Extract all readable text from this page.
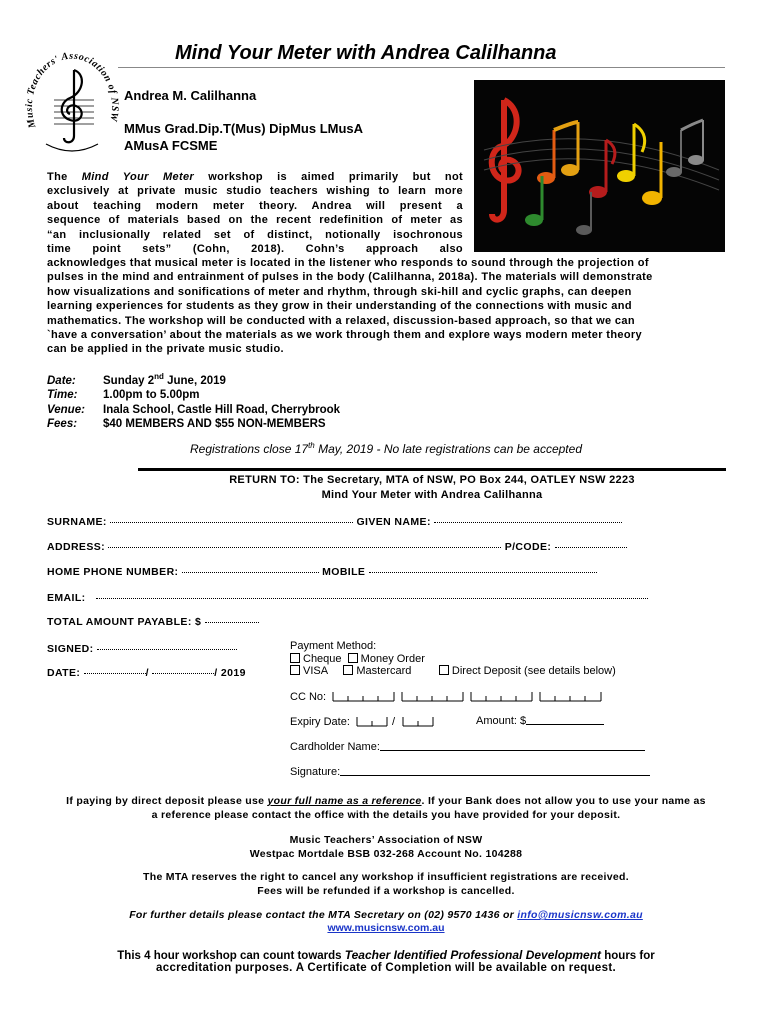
Mind Your Meter with Andrea Calilhanna
Music Teachers' Association of NSW
Andrea M. Calilhanna
MMus Grad.Dip.T(Mus) DipMus LMusA
AMusA FCSME
The Mind Your Meter workshop is aimed primarily but not
exclusively at private music studio teachers wishing to learn more
about teaching modern meter theory. Andrea will present a
sequence of materials based on the recent redefinition of meter as
“an inclusionally related set of distinct, notionally isochronous
time point sets” (Cohn, 2018). Cohn’s approach also
acknowledges that musical meter is located in the listener who responds to sound through the projection of
pulses in the mind and entrainment of pulses in the body (Calilhanna, 2018a). The materials will demonstrate
how visualizations and sonifications of meter and rhythm, through ski-hill and cyclic graphs, can deepen
learning experiences for students as they grow in their understanding of the connections with music and
mathematics. The workshop will be conducted with a relaxed, discussion-based approach, so that we can
`have a conversation’ about the materials as we work through them and explore ways modern meter theory
can be applied in the private music studio.
Date: Sunday 2nd June, 2019
Time: 1.00pm to 5.00pm
Venue: Inala School, Castle Hill Road, Cherrybrook
Fees: $40 MEMBERS AND $55 NON-MEMBERS
Registrations close 17th May, 2019 - No late registrations can be accepted
RETURN TO: The Secretary, MTA of NSW, PO Box 244, OATLEY NSW 2223
Mind Your Meter with Andrea Calilhanna
SURNAME:	GIVEN NAME:
ADDRESS:	P/CODE:
HOME PHONE NUMBER:	MOBILE
EMAIL:
TOTAL AMOUNT PAYABLE: $
SIGNED:
DATE:	/	/ 2019
Payment Method:
Cheque Money Order
VISA	Mastercard	Direct Deposit (see details below)
CC No:
Expiry Date:	/	Amount: $
Cardholder Name:
Signature:
If paying by direct deposit please use your full name as a reference. If your Bank does not allow you to use your name as
a reference please contact the office with the details you have provided for your deposit.
Music Teachers’ Association of NSW
Westpac Mortdale BSB 032-268 Account No. 104288
The MTA reserves the right to cancel any workshop if insufficient registrations are received.
Fees will be refunded if a workshop is cancelled.
For further details please contact the MTA Secretary on (02) 9570 1436 or info@musicnsw.com.au
www.musicnsw.com.au
This 4 hour workshop can count towards Teacher Identified Professional Development hours for
accreditation purposes. A Certificate of Completion will be available on request.
